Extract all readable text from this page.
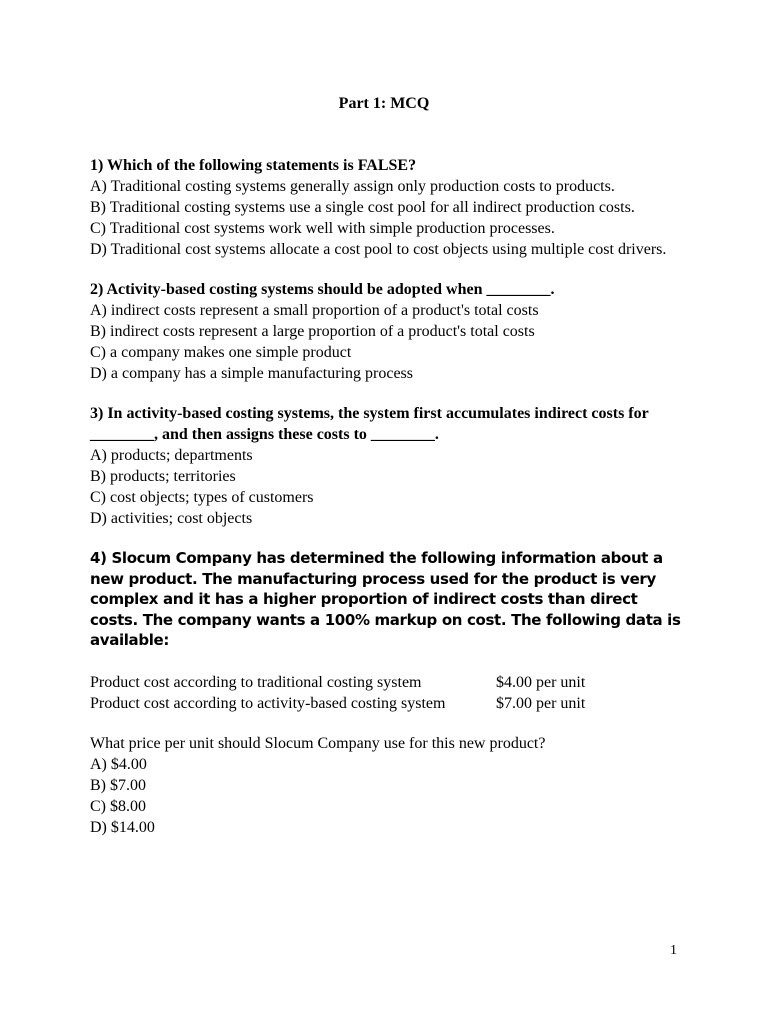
Part 1: MCQ
1) Which of the following statements is FALSE?
A) Traditional costing systems generally assign only production costs to products.
B) Traditional costing systems use a single cost pool for all indirect production costs.
C) Traditional cost systems work well with simple production processes.
D) Traditional cost systems allocate a cost pool to cost objects using multiple cost drivers.
2) Activity-based costing systems should be adopted when ________.
A) indirect costs represent a small proportion of a product's total costs
B) indirect costs represent a large proportion of a product's total costs
C) a company makes one simple product
D) a company has a simple manufacturing process
3) In activity-based costing systems, the system first accumulates indirect costs for ________, and then assigns these costs to ________.
A) products; departments
B) products; territories
C) cost objects; types of customers
D) activities; cost objects
4) Slocum Company has determined the following information about a new product. The manufacturing process used for the product is very complex and it has a higher proportion of indirect costs than direct costs. The company wants a 100% markup on cost. The following data is available:
Product cost according to traditional costing system	$4.00 per unit
Product cost according to activity-based costing system	$7.00 per unit
What price per unit should Slocum Company use for this new product?
A) $4.00
B) $7.00
C) $8.00
D) $14.00
1
